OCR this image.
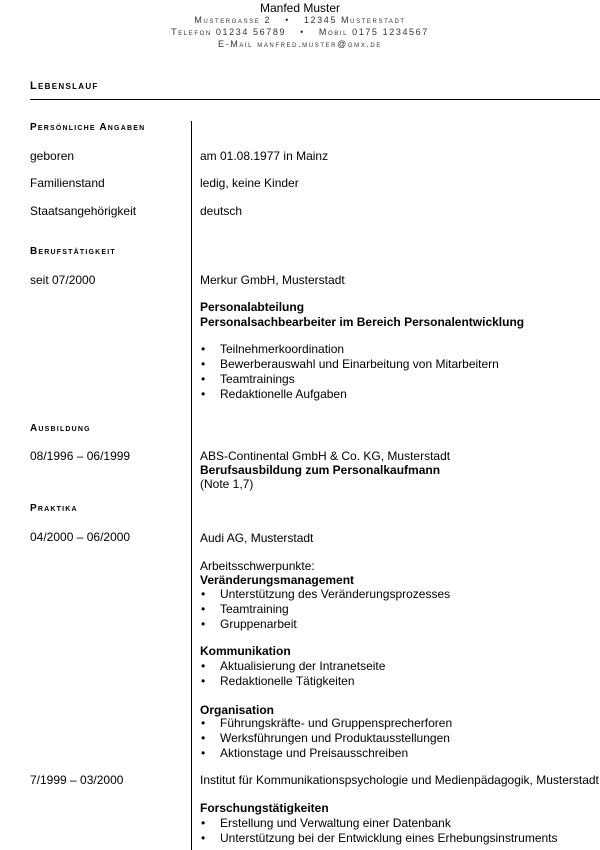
Manfed Muster
Mustergasse 2 • 12345 Musterstadt
Telefon 01234 56789 • Mobil 0175 1234567
E-Mail manfred.muster@gmx.de
Lebenslauf
Persönliche Angaben
geboren	am 01.08.1977 in Mainz
Familienstand	ledig, keine Kinder
Staatsangehörigkeit	deutsch
Berufstätigkeit
seit 07/2000	Merkur GmbH, Musterstadt
Personalabteilung
Personalsachbearbeiter im Bereich Personalentwicklung
• Teilnehmerkoordination
• Bewerberauswahl und Einarbeitung von Mitarbeitern
• Teamtrainings
• Redaktionelle Aufgaben
Ausbildung
08/1996 – 06/1999	ABS-Continental GmbH & Co. KG, Musterstadt
Berufsausbildung zum Personalkaufmann
(Note 1,7)
Praktika
04/2000 – 06/2000	Audi AG, Musterstadt
Arbeitsschwerpunkte:
Veränderungsmanagement
• Unterstützung des Veränderungsprozesses
• Teamtraining
• Gruppenarbeit
Kommunikation
• Aktualisierung der Intranetseite
• Redaktionelle Tätigkeiten
Organisation
• Führungskräfte- und Gruppensprecherforen
• Werksführungen und Produktausstellungen
• Aktionstage und Preisausschreiben
7/1999 – 03/2000	Institut für Kommunikationspsychologie und Medienpädagogik, Musterstadt
Forschungstätigkeiten
• Erstellung und Verwaltung einer Datenbank
• Unterstützung bei der Entwicklung eines Erhebungsinstruments
